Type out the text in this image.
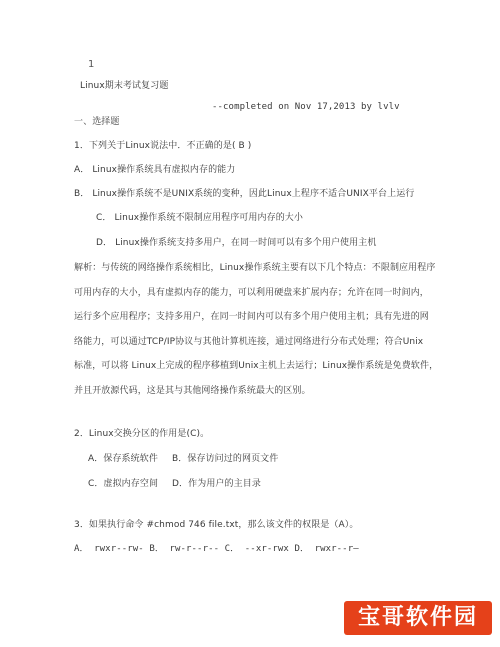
1
Linux期末考试复习题
--completed on Nov 17,2013 by lvlv
一、选择题
1．下列关于Linux说法中．不正确的是( B )
A． Linux操作系统具有虚拟内存的能力
B． Linux操作系统不是UNIX系统的变种，因此Linux上程序不适合UNIX平台上运行
C． Linux操作系统不限制应用程序可用内存的大小
D． Linux操作系统支持多用户，在同一时间可以有多个用户使用主机
解析：与传统的网络操作系统相比，Linux操作系统主要有以下几个特点：不限制应用程序
可用内存的大小，具有虚拟内存的能力，可以利用硬盘来扩展内存；允许在同一时间内，
运行多个应用程序；支持多用户，在同一时间内可以有多个用户使用主机；具有先进的网
络能力，可以通过TCP/IP协议与其他计算机连接，通过网络进行分布式处理；符合Unix
标准，可以将 Linux上完成的程序移植到Unix主机上去运行；Linux操作系统是免费软件，
并且开放源代码，这是其与其他网络操作系统最大的区别。
2．Linux交换分区的作用是(C)。
A．保存系统软件 B．保存访问过的网页文件
C．虚拟内存空间 D．作为用户的主目录
3．如果执行命令 #chmod 746 file.txt，那么该文件的权限是（A）。
A． rwxr--rw- B． rw-r--r-- C． --xr-rwx D． rwxr--r—
宝哥软件园
